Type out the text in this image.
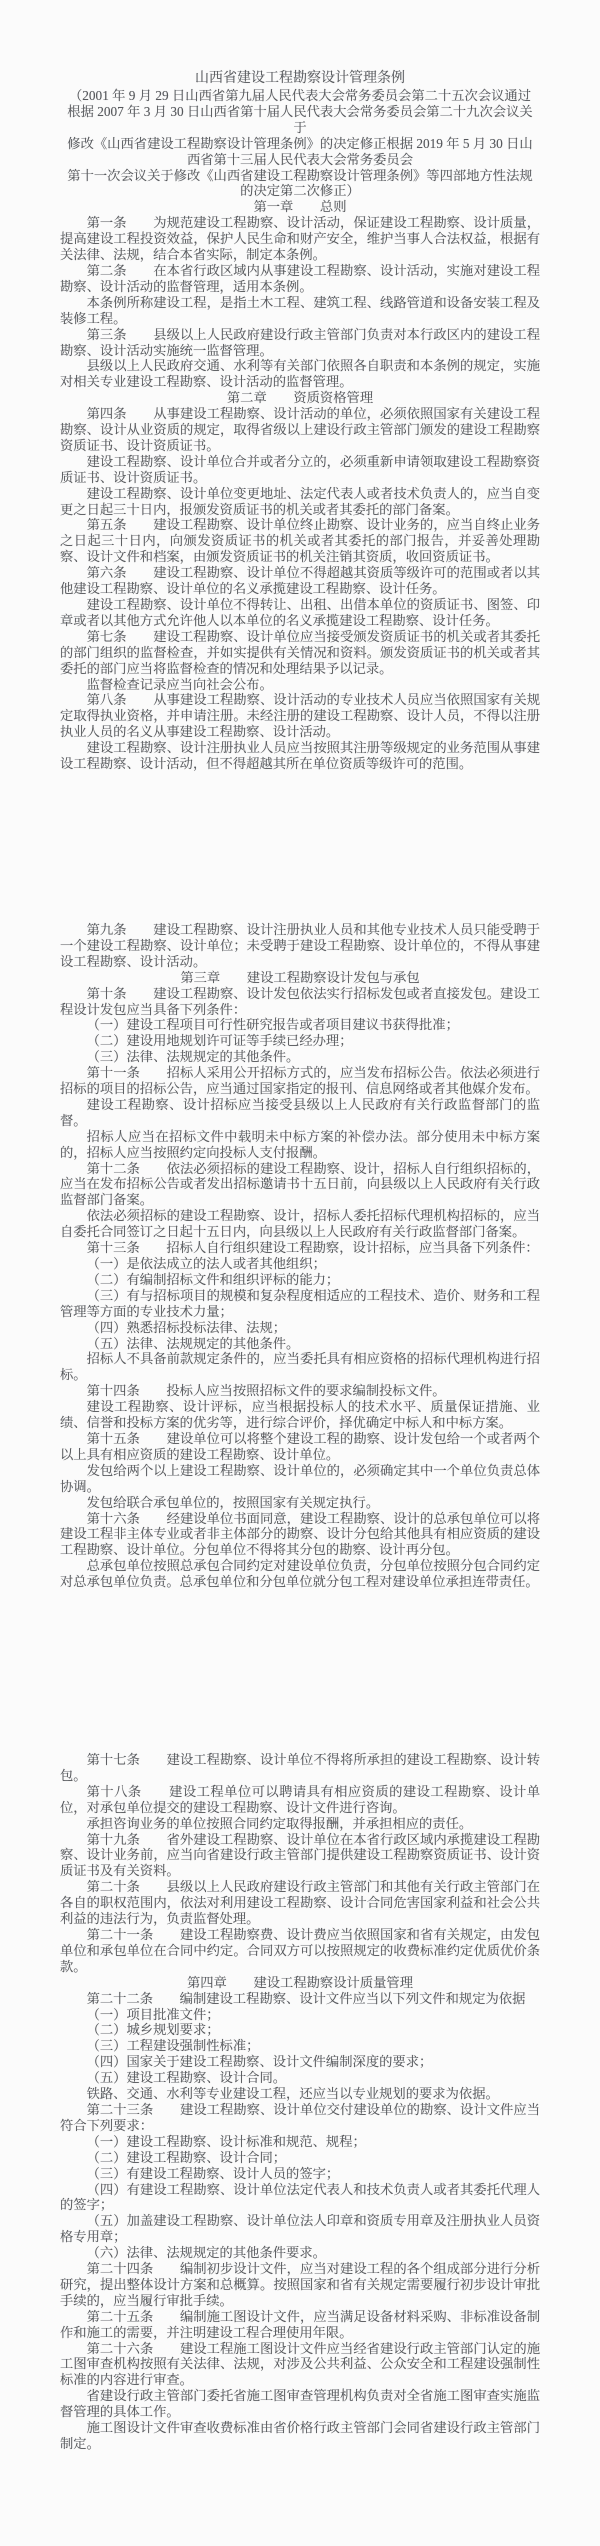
山西省建设工程勘察设计管理条例
（2001 年 9 月 29 日山西省第九届人民代表大会常务委员会第二十五次会议通过
根据 2007 年 3 月 30 日山西省第十届人民代表大会常务委员会第二十九次会议关
于
修改《山西省建设工程勘察设计管理条例》的决定修正根据 2019 年 5 月 30 日山
西省第十三届人民代表大会常务委员会
第十一次会议关于修改《山西省建设工程勘察设计管理条例》等四部地方性法规
的决定第二次修正）
第一章　　总则
第一条　　为规范建设工程勘察、设计活动，保证建设工程勘察、设计质量，提高建设工程投资效益，保护人民生命和财产安全，维护当事人合法权益，根据有关法律、法规，结合本省实际，制定本条例。
第二条　　在本省行政区域内从事建设工程勘察、设计活动，实施对建设工程勘察、设计活动的监督管理，适用本条例。
本条例所称建设工程，是指土木工程、建筑工程、线路管道和设备安装工程及装修工程。
第三条　　县级以上人民政府建设行政主管部门负责对本行政区内的建设工程勘察、设计活动实施统一监督管理。
县级以上人民政府交通、水利等有关部门依照各自职责和本条例的规定，实施对相关专业建设工程勘察、设计活动的监督管理。
第二章　　资质资格管理
第四条　　从事建设工程勘察、设计活动的单位，必须依照国家有关建设工程勘察、设计从业资质的规定，取得省级以上建设行政主管部门颁发的建设工程勘察资质证书、设计资质证书。
建设工程勘察、设计单位合并或者分立的，必须重新申请领取建设工程勘察资质证书、设计资质证书。
建设工程勘察、设计单位变更地址、法定代表人或者技术负责人的，应当自变更之日起三十日内，报颁发资质证书的机关或者其委托的部门备案。
第五条　　建设工程勘察、设计单位终止勘察、设计业务的，应当自终止业务之日起三十日内，向颁发资质证书的机关或者其委托的部门报告，并妥善处理勘察、设计文件和档案，由颁发资质证书的机关注销其资质，收回资质证书。
第六条　　建设工程勘察、设计单位不得超越其资质等级许可的范围或者以其他建设工程勘察、设计单位的名义承揽建设工程勘察、设计任务。
建设工程勘察、设计单位不得转让、出租、出借本单位的资质证书、图签、印章或者以其他方式允许他人以本单位的名义承揽建设工程勘察、设计任务。
第七条　　建设工程勘察、设计单位应当接受颁发资质证书的机关或者其委托的部门组织的监督检查，并如实提供有关情况和资料。颁发资质证书的机关或者其委托的部门应当将监督检查的情况和处理结果予以记录。
监督检查记录应当向社会公布。
第八条　　从事建设工程勘察、设计活动的专业技术人员应当依照国家有关规定取得执业资格，并申请注册。未经注册的建设工程勘察、设计人员，不得以注册执业人员的名义从事建设工程勘察、设计活动。
建设工程勘察、设计注册执业人员应当按照其注册等级规定的业务范围从事建设工程勘察、设计活动，但不得超越其所在单位资质等级许可的范围。
第九条　　建设工程勘察、设计注册执业人员和其他专业技术人员只能受聘于一个建设工程勘察、设计单位；未受聘于建设工程勘察、设计单位的，不得从事建设工程勘察、设计活动。
第三章　　建设工程勘察设计发包与承包
第十条　　建设工程勘察、设计发包依法实行招标发包或者直接发包。建设工程设计发包应当具备下列条件：
（一）建设工程项目可行性研究报告或者项目建议书获得批准；
（二）建设用地规划许可证等手续已经办理；
（三）法律、法规规定的其他条件。
第十一条　　招标人采用公开招标方式的，应当发布招标公告。依法必须进行招标的项目的招标公告，应当通过国家指定的报刊、信息网络或者其他媒介发布。
建设工程勘察、设计招标应当接受县级以上人民政府有关行政监督部门的监督。
招标人应当在招标文件中载明未中标方案的补偿办法。部分使用未中标方案的，招标人应当按照约定向投标人支付报酬。
第十二条　　依法必须招标的建设工程勘察、设计，招标人自行组织招标的，应当在发布招标公告或者发出招标邀请书十五日前，向县级以上人民政府有关行政监督部门备案。
依法必须招标的建设工程勘察、设计，招标人委托招标代理机构招标的，应当自委托合同签订之日起十五日内，向县级以上人民政府有关行政监督部门备案。
第十三条　　招标人自行组织建设工程勘察，设计招标，应当具备下列条件：
（一）是依法成立的法人或者其他组织；
（二）有编制招标文件和组织评标的能力；
（三）有与招标项目的规模和复杂程度相适应的工程技术、造价、财务和工程管理等方面的专业技术力量；
（四）熟悉招标投标法律、法规；
（五）法律、法规规定的其他条件。
招标人不具备前款规定条件的，应当委托具有相应资格的招标代理机构进行招标。
第十四条　　投标人应当按照招标文件的要求编制投标文件。
建设工程勘察、设计评标，应当根据投标人的技术水平、质量保证措施、业绩、信誉和投标方案的优劣等，进行综合评价，择优确定中标人和中标方案。
第十五条　　建设单位可以将整个建设工程的勘察、设计发包给一个或者两个以上具有相应资质的建设工程勘察、设计单位。
发包给两个以上建设工程勘察、设计单位的，必须确定其中一个单位负责总体协调。
发包给联合承包单位的，按照国家有关规定执行。
第十六条　　经建设单位书面同意，建设工程勘察、设计的总承包单位可以将建设工程非主体专业或者非主体部分的勘察、设计分包给其他具有相应资质的建设工程勘察、设计单位。分包单位不得将其分包的勘察、设计再分包。
总承包单位按照总承包合同约定对建设单位负责，分包单位按照分包合同约定对总承包单位负责。总承包单位和分包单位就分包工程对建设单位承担连带责任。
第十七条　　建设工程勘察、设计单位不得将所承担的建设工程勘察、设计转包。
第十八条　　建设工程单位可以聘请具有相应资质的建设工程勘察、设计单位，对承包单位提交的建设工程勘察、设计文件进行咨询。
承担咨询业务的单位按照合同约定取得报酬，并承担相应的责任。
第十九条　　省外建设工程勘察、设计单位在本省行政区域内承揽建设工程勘察、设计业务前，应当向省建设行政主管部门提供建设工程勘察资质证书、设计资质证书及有关资料。
第二十条　　县级以上人民政府建设行政主管部门和其他有关行政主管部门在各自的职权范围内，依法对利用建设工程勘察、设计合同危害国家利益和社会公共利益的违法行为，负责监督处理。
第二十一条　　建设工程勘察费、设计费应当依照国家和省有关规定，由发包单位和承包单位在合同中约定。合同双方可以按照规定的收费标准约定优质优价条款。
第四章　　建设工程勘察设计质量管理
第二十二条　　编制建设工程勘察、设计文件应当以下列文件和规定为依据
（一）项目批准文件；
（二）城乡规划要求；
（三）工程建设强制性标准；
（四）国家关于建设工程勘察、设计文件编制深度的要求；
（五）建设工程勘察、设计合同。
铁路、交通、水利等专业建设工程，还应当以专业规划的要求为依据。
第二十三条　　建设工程勘察、设计单位交付建设单位的勘察、设计文件应当符合下列要求：
（一）建设工程勘察、设计标准和规范、规程；
（二）建设工程勘察、设计合同；
（三）有建设工程勘察、设计人员的签字；
（四）有建设工程勘察、设计单位法定代表人和技术负责人或者其委托代理人的签字；
（五）加盖建设工程勘察、设计单位法人印章和资质专用章及注册执业人员资格专用章；
（六）法律、法规规定的其他条件要求。
第二十四条　　编制初步设计文件，应当对建设工程的各个组成部分进行分析研究，提出整体设计方案和总概算。按照国家和省有关规定需要履行初步设计审批手续的，应当履行审批手续。
第二十五条　　编制施工图设计文件，应当满足设备材料采购、非标准设备制作和施工的需要，并注明建设工程合理使用年限。
第二十六条　　建设工程施工图设计文件应当经省建设行政主管部门认定的施工图审查机构按照有关法律、法规，对涉及公共利益、公众安全和工程建设强制性标准的内容进行审查。
省建设行政主管部门委托省施工图审查管理机构负责对全省施工图审查实施监督管理的具体工作。
施工图设计文件审查收费标准由省价格行政主管部门会同省建设行政主管部门制定。
